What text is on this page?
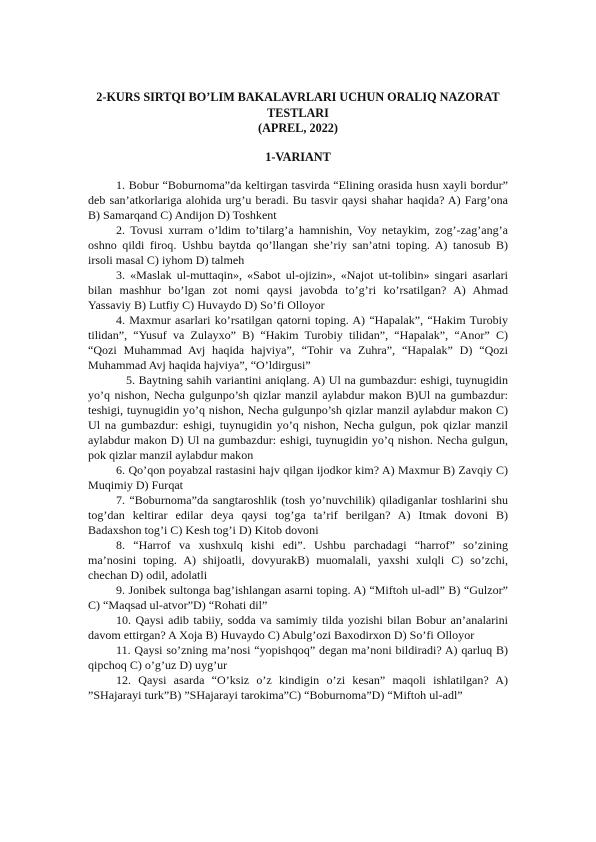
2-KURS SIRTQI BO’LIM BAKALAVRLARI UCHUN ORALIQ NAZORAT

TESTLARI

(APREL, 2022)

1-VARIANT

1. Bobur “Boburnoma”da keltirgan tasvirda “Elining orasida husn xayli bordur” deb san’atkorlariga alohida urg’u beradi. Bu tasvir qaysi shahar haqida? A) Farg’ona B) Samarqand C) Andijon D) Toshkent

2. Tovusi xurram o’ldim to’tilarg’a hamnishin, Voy netaykim, zog’-zag’ang’a oshno qildi firoq. Ushbu baytda qo’llangan she’riy san’atni toping. A) tanosub B) irsoli masal C) iyhom D) talmeh

3. «Maslak ul-muttaqin», «Sabot ul-ojizin», «Najot ut-tolibin» singari asarlari bilan mashhur bo’lgan zot nomi qaysi javobda to’g’ri ko’rsatilgan? A) Ahmad Yassaviy B) Lutfiy C) Huvaydo D) So’fi Olloyor

4. Maxmur asarlari ko’rsatilgan qatorni toping. A) “Hapalak”, “Hakim Turobiy tilidan”, “Yusuf va Zulayxo” B) “Hakim Turobiy tilidan”, “Hapalak”, “Anor” C) “Qozi Muhammad Avj haqida hajviya”, “Tohir va Zuhra”, “Hapalak” D) “Qozi Muhammad Avj haqida hajviya”, “O’ldirgusi”

5. Baytning sahih variantini aniqlang. A) Ul na gumbazdur: eshigi, tuynugidin yo’q nishon, Necha gulgunpo’sh qizlar manzil aylabdur makon B)Ul na gumbazdur: teshigi, tuynugidin yo’q nishon, Necha gulgunpo’sh qizlar manzil aylabdur makon C) Ul na gumbazdur: eshigi, tuynugidin yo’q nishon, Necha gulgun, pok qizlar manzil aylabdur makon D) Ul na gumbazdur: eshigi, tuynugidin yo’q nishon. Necha gulgun, pok qizlar manzil aylabdur makon

6. Qo’qon poyabzal rastasini hajv qilgan ijodkor kim? A) Maxmur B) Zavqiy C) Muqimiy D) Furqat

7. “Boburnoma”da sangtaroshlik (tosh yo’nuvchilik) qiladiganlar toshlarini shu tog’dan keltirar edilar deya qaysi tog’ga ta’rif berilgan? A) Itmak dovoni B) Badaxshon tog’i C) Kesh tog’i D) Kitob dovoni

8. “Harrof va xushxulq kishi edi”. Ushbu parchadagi “harrof” so’zining ma’nosini toping. A) shijoatli, dovyurakB) muomalali, yaxshi xulqli C) so’zchi, chechan D) odil, adolatli

9. Jonibek sultonga bag’ishlangan asarni toping. A) “Miftoh ul-adl” B) “Gulzor” C) “Maqsad ul-atvor”D) “Rohati dil”

10. Qaysi adib tabiiy, sodda va samimiy tilda yozishi bilan Bobur an’analarini davom ettirgan? A Xoja B) Huvaydo C) Abulg’ozi Baxodirxon D) So’fi Olloyor

11. Qaysi so’zning ma’nosi “yopishqoq” degan ma’noni bildiradi? A) qarluq B) qipchoq C) o’g’uz D) uyg’ur

12. Qaysi asarda “O’ksiz o’z kindigin o’zi kesan” maqoli ishlatilgan? A) ”SHajarayi turk”B) ”SHajarayi tarokima”C) “Boburnoma”D) “Miftoh ul-adl”
